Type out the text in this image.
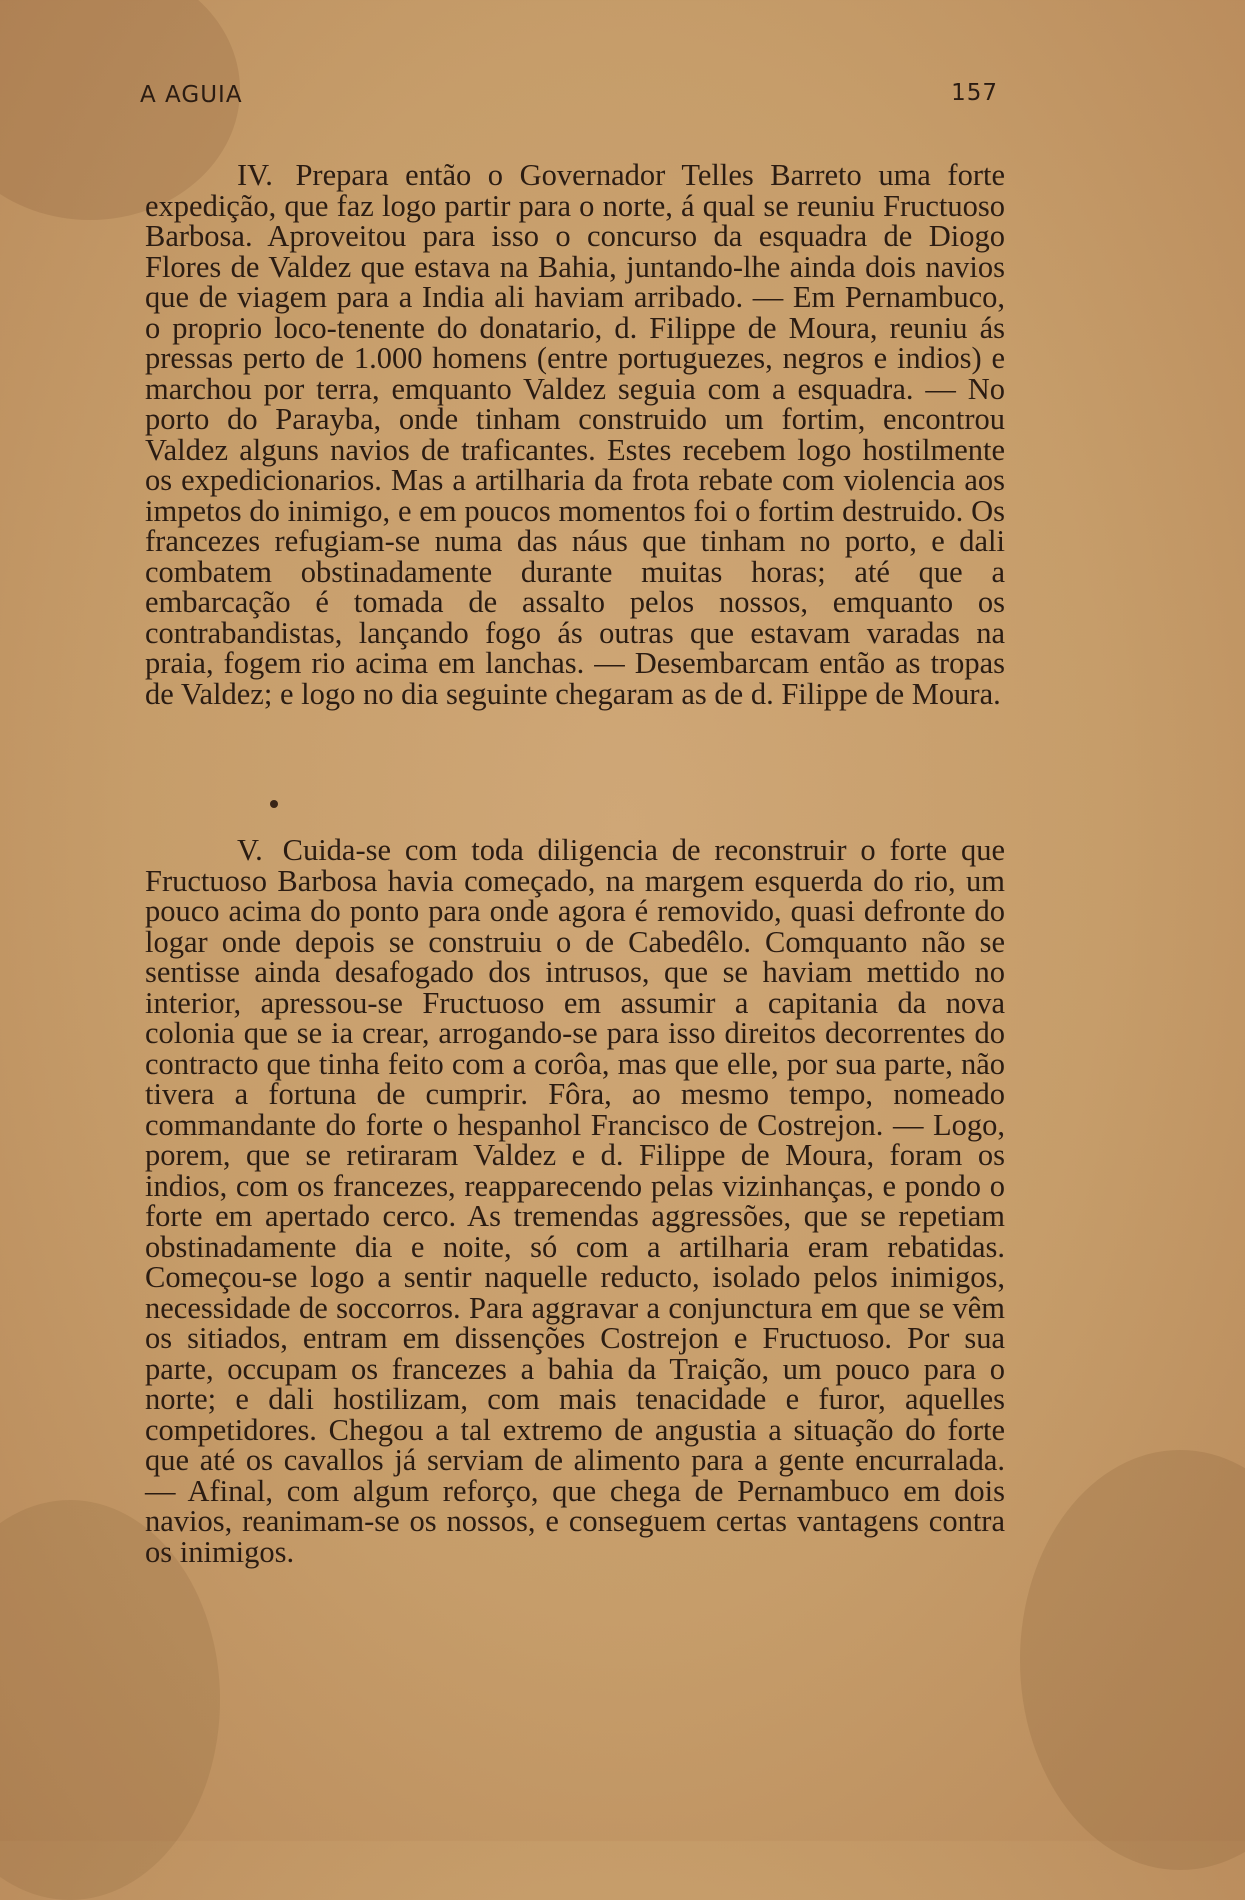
A AGUIA	157

IV. Prepara então o Governador Telles Barreto uma forte expedição, que faz logo partir para o norte, á qual se reuniu Fructuoso Barbosa. Aproveitou para isso o concurso da esquadra de Diogo Flores de Valdez que estava na Bahia, juntando-lhe ainda dois navios que de viagem para a India ali haviam arribado. — Em Pernambuco, o proprio loco-tenente do donatario, d. Filippe de Moura, reuniu ás pressas perto de 1.000 homens (entre portuguezes, negros e indios) e marchou por terra, emquanto Valdez seguia com a esquadra. — No porto do Parayba, onde tinham construido um fortim, encontrou Valdez alguns navios de traficantes. Estes recebem logo hostilmente os expedicionarios. Mas a artilharia da frota rebate com violencia aos impetos do inimigo, e em poucos momentos foi o fortim destruido. Os francezes refugiam-se numa das náus que tinham no porto, e dali combatem obstinadamente durante muitas horas; até que a embarcação é tomada de assalto pelos nossos, emquanto os contrabandistas, lançando fogo ás outras que estavam varadas na praia, fogem rio acima em lanchas. — Desembarcam então as tropas de Valdez; e logo no dia seguinte chegaram as de d. Filippe de Moura.

V. Cuida-se com toda diligencia de reconstruir o forte que Fructuoso Barbosa havia começado, na margem esquerda do rio, um pouco acima do ponto para onde agora é removido, quasi defronte do logar onde depois se construiu o de Cabedêlo. Comquanto não se sentisse ainda desafogado dos intrusos, que se haviam mettido no interior, apressou-se Fructuoso em assumir a capitania da nova colonia que se ia crear, arrogando-se para isso direitos decorrentes do contracto que tinha feito com a corôa, mas que elle, por sua parte, não tivera a fortuna de cumprir. Fôra, ao mesmo tempo, nomeado commandante do forte o hespanhol Francisco de Costrejon. — Logo, porem, que se retiraram Valdez e d. Filippe de Moura, foram os indios, com os francezes, reapparecendo pelas vizinhanças, e pondo o forte em apertado cerco. As tremendas aggressões, que se repetiam obstinadamente dia e noite, só com a artilharia eram rebatidas. Começou-se logo a sentir naquelle reducto, isolado pelos inimigos, necessidade de soccorros. Para aggravar a conjunctura em que se vêm os sitiados, entram em dissenções Costrejon e Fructuoso. Por sua parte, occupam os francezes a bahia da Traição, um pouco para o norte; e dali hostilizam, com mais tenacidade e furor, aquelles competidores. Chegou a tal extremo de angustia a situação do forte que até os cavallos já serviam de alimento para a gente encurralada. — Afinal, com algum reforço, que chega de Pernambuco em dois navios, reanimam-se os nossos, e conseguem certas vantagens contra os inimigos.
